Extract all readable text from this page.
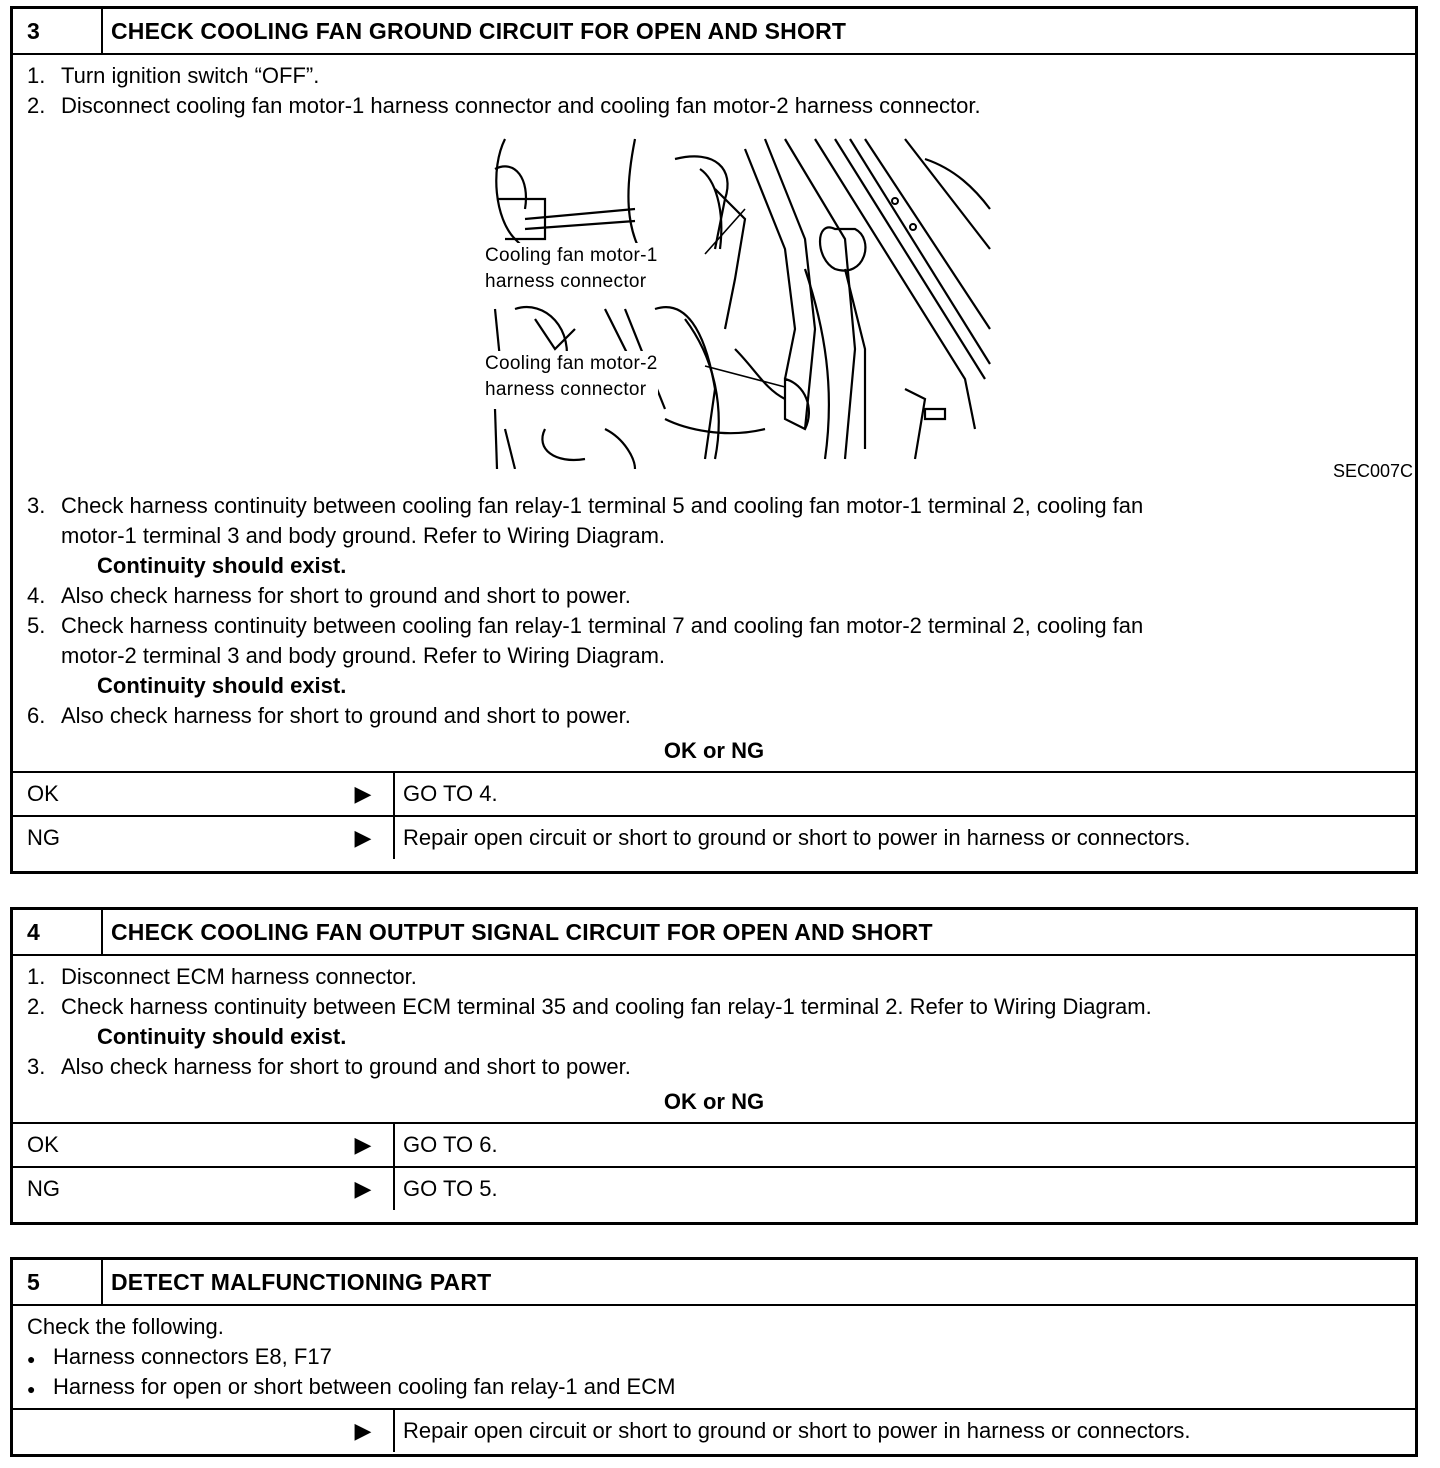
3	CHECK COOLING FAN GROUND CIRCUIT FOR OPEN AND SHORT
1. Turn ignition switch “OFF”.
2. Disconnect cooling fan motor-1 harness connector and cooling fan motor-2 harness connector.
Cooling fan motor-1
harness connector
Cooling fan motor-2
harness connector
SEC007C
3. Check harness continuity between cooling fan relay-1 terminal 5 and cooling fan motor-1 terminal 2, cooling fan
motor-1 terminal 3 and body ground. Refer to Wiring Diagram.
Continuity should exist.
4. Also check harness for short to ground and short to power.
5. Check harness continuity between cooling fan relay-1 terminal 7 and cooling fan motor-2 terminal 2, cooling fan
motor-2 terminal 3 and body ground. Refer to Wiring Diagram.
Continuity should exist.
6. Also check harness for short to ground and short to power.
OK or NG
OK	▶	GO TO 4.
NG	▶	Repair open circuit or short to ground or short to power in harness or connectors.
4	CHECK COOLING FAN OUTPUT SIGNAL CIRCUIT FOR OPEN AND SHORT
1. Disconnect ECM harness connector.
2. Check harness continuity between ECM terminal 35 and cooling fan relay-1 terminal 2. Refer to Wiring Diagram.
Continuity should exist.
3. Also check harness for short to ground and short to power.
OK or NG
OK	▶	GO TO 6.
NG	▶	GO TO 5.
5	DETECT MALFUNCTIONING PART
Check the following.
● Harness connectors E8, F17
● Harness for open or short between cooling fan relay-1 and ECM
▶	Repair open circuit or short to ground or short to power in harness or connectors.
